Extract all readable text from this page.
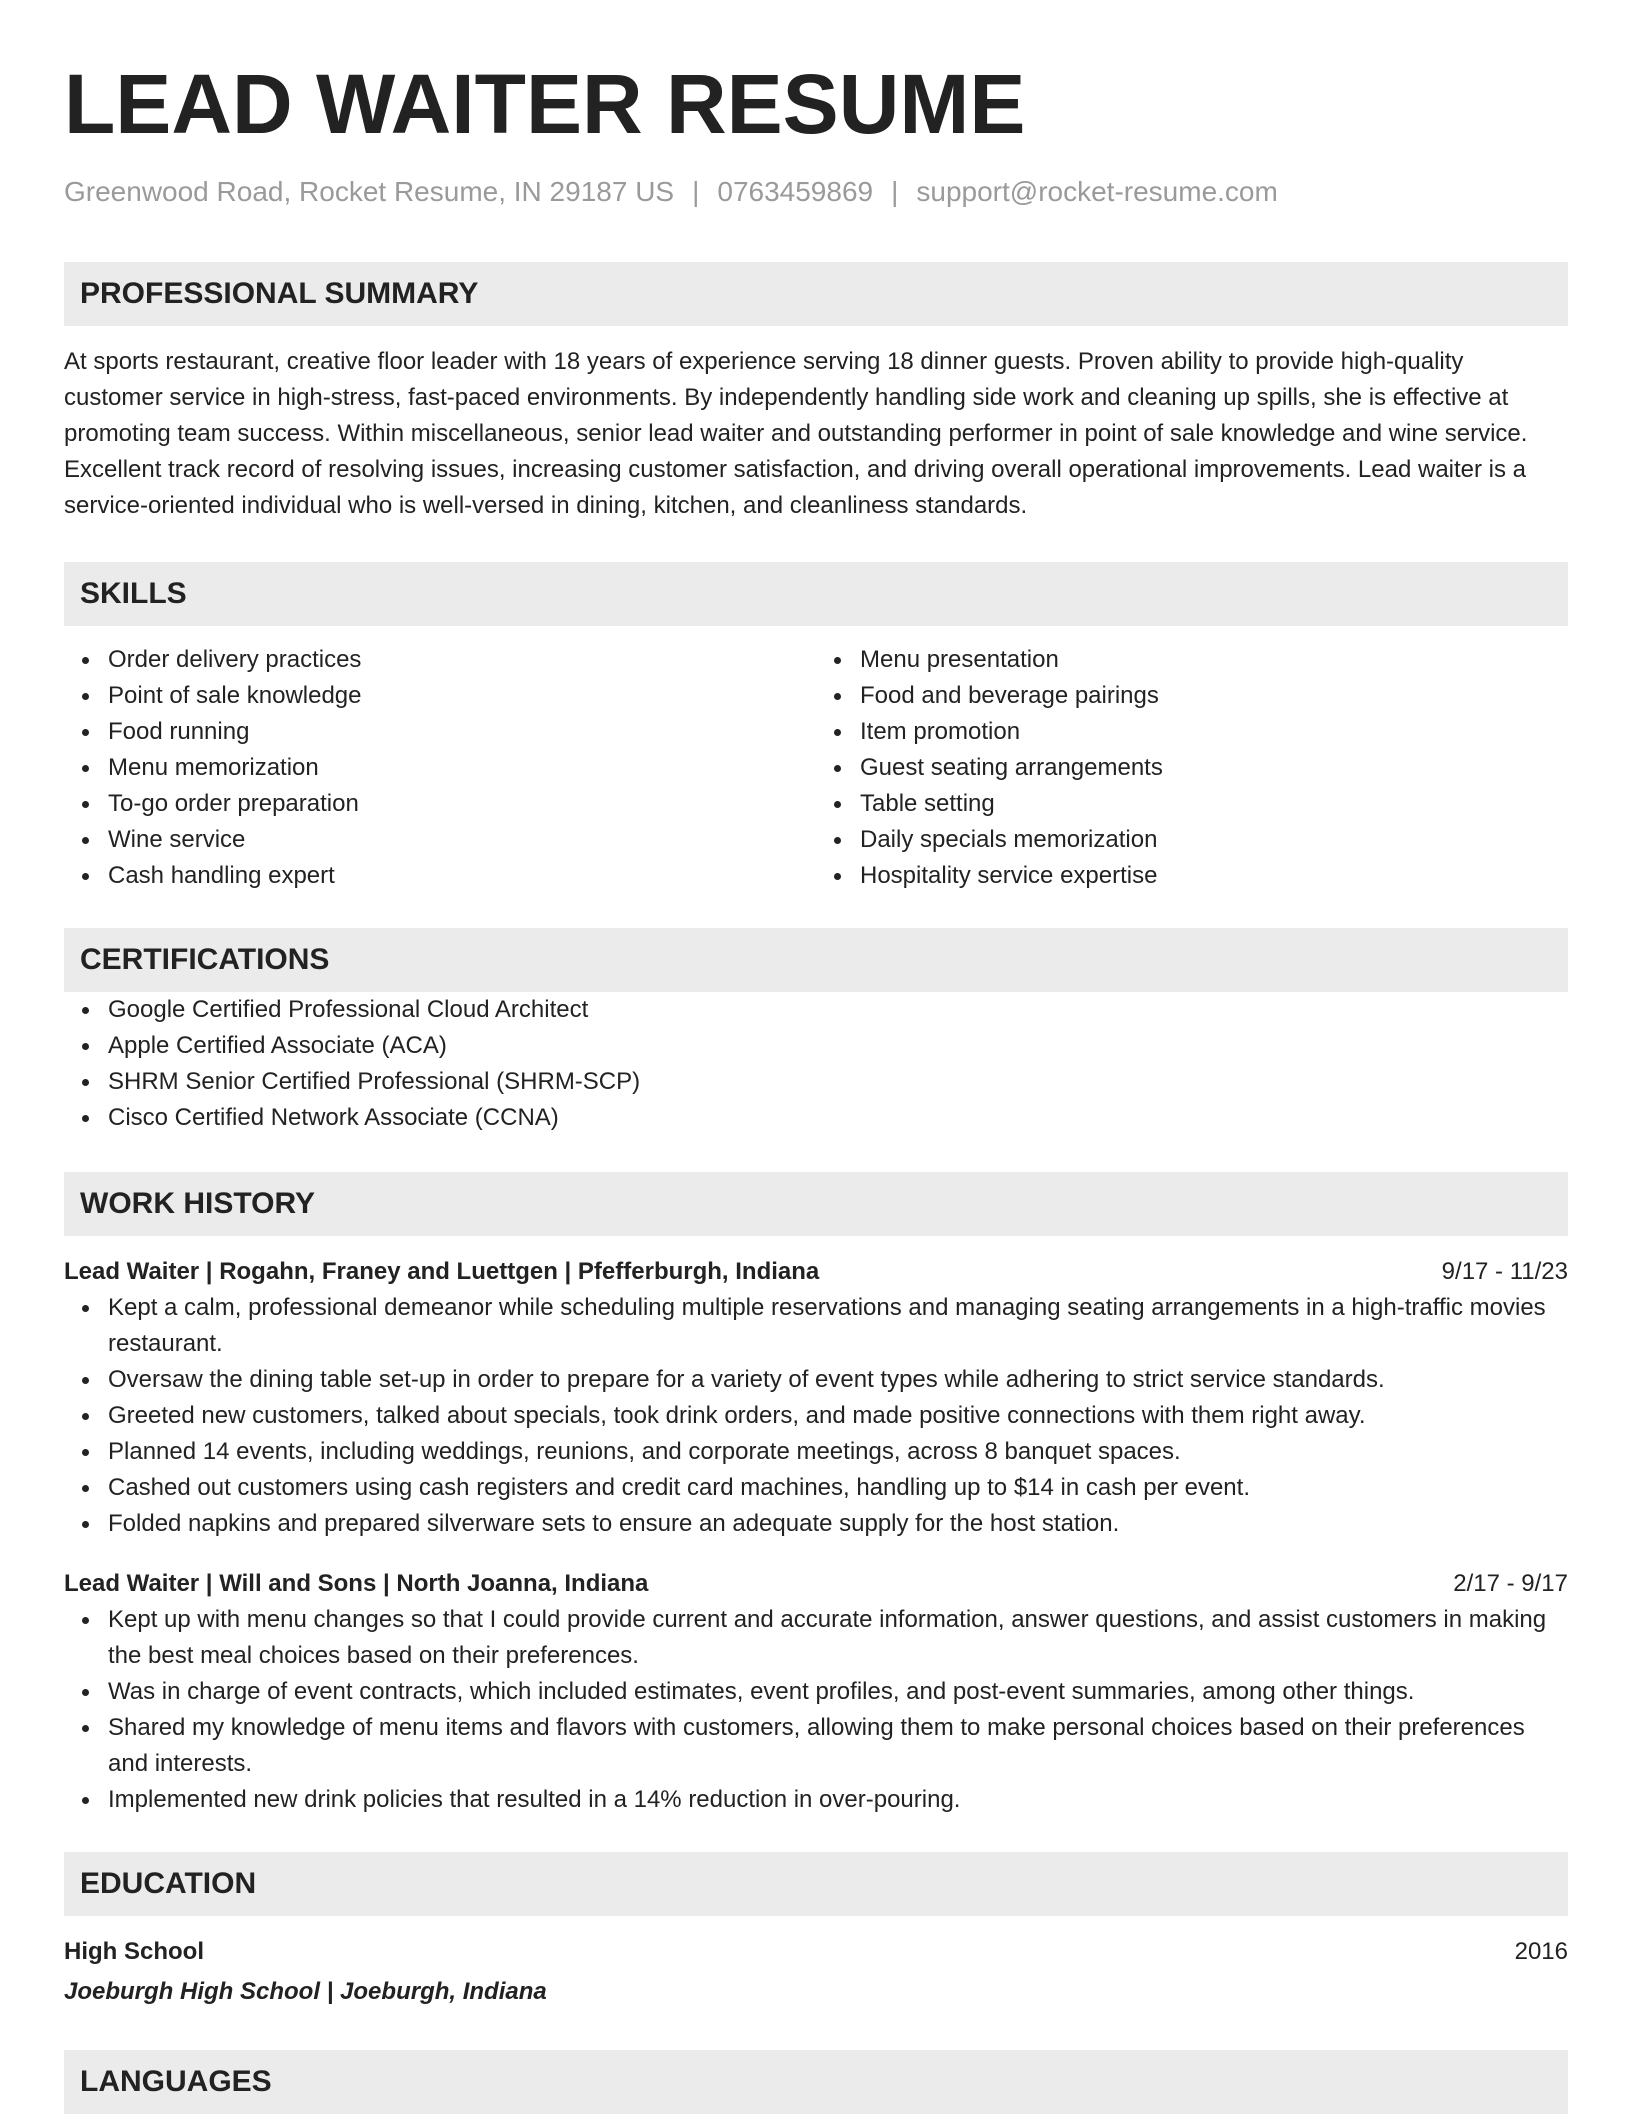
LEAD WAITER RESUME
Greenwood Road, Rocket Resume, IN 29187 US | 0763459869 | support@rocket-resume.com
PROFESSIONAL SUMMARY

At sports restaurant, creative floor leader with 18 years of experience serving 18 dinner guests. Proven ability to provide high-quality customer service in high-stress, fast-paced environments. By independently handling side work and cleaning up spills, she is effective at promoting team success. Within miscellaneous, senior lead waiter and outstanding performer in point of sale knowledge and wine service. Excellent track record of resolving issues, increasing customer satisfaction, and driving overall operational improvements. Lead waiter is a service-oriented individual who is well-versed in dining, kitchen, and cleanliness standards.

SKILLS
Order delivery practices
Point of sale knowledge
Food running
Menu memorization
To-go order preparation
Wine service
Cash handling expert
Menu presentation
Food and beverage pairings
Item promotion
Guest seating arrangements
Table setting
Daily specials memorization
Hospitality service expertise
CERTIFICATIONS
Google Certified Professional Cloud Architect
Apple Certified Associate (ACA)
SHRM Senior Certified Professional (SHRM-SCP)
Cisco Certified Network Associate (CCNA)
WORK HISTORY
Lead Waiter | Rogahn, Franey and Luettgen | Pfefferburgh, Indiana	9/17 - 11/23
Kept a calm, professional demeanor while scheduling multiple reservations and managing seating arrangements in a high-traffic movies restaurant.
Oversaw the dining table set-up in order to prepare for a variety of event types while adhering to strict service standards.
Greeted new customers, talked about specials, took drink orders, and made positive connections with them right away.
Planned 14 events, including weddings, reunions, and corporate meetings, across 8 banquet spaces.
Cashed out customers using cash registers and credit card machines, handling up to $14 in cash per event.
Folded napkins and prepared silverware sets to ensure an adequate supply for the host station.
Lead Waiter | Will and Sons | North Joanna, Indiana	2/17 - 9/17
Kept up with menu changes so that I could provide current and accurate information, answer questions, and assist customers in making the best meal choices based on their preferences.
Was in charge of event contracts, which included estimates, event profiles, and post-event summaries, among other things.
Shared my knowledge of menu items and flavors with customers, allowing them to make personal choices based on their preferences and interests.
Implemented new drink policies that resulted in a 14% reduction in over-pouring.
EDUCATION
High School	2016
Joeburgh High School | Joeburgh, Indiana
LANGUAGES
